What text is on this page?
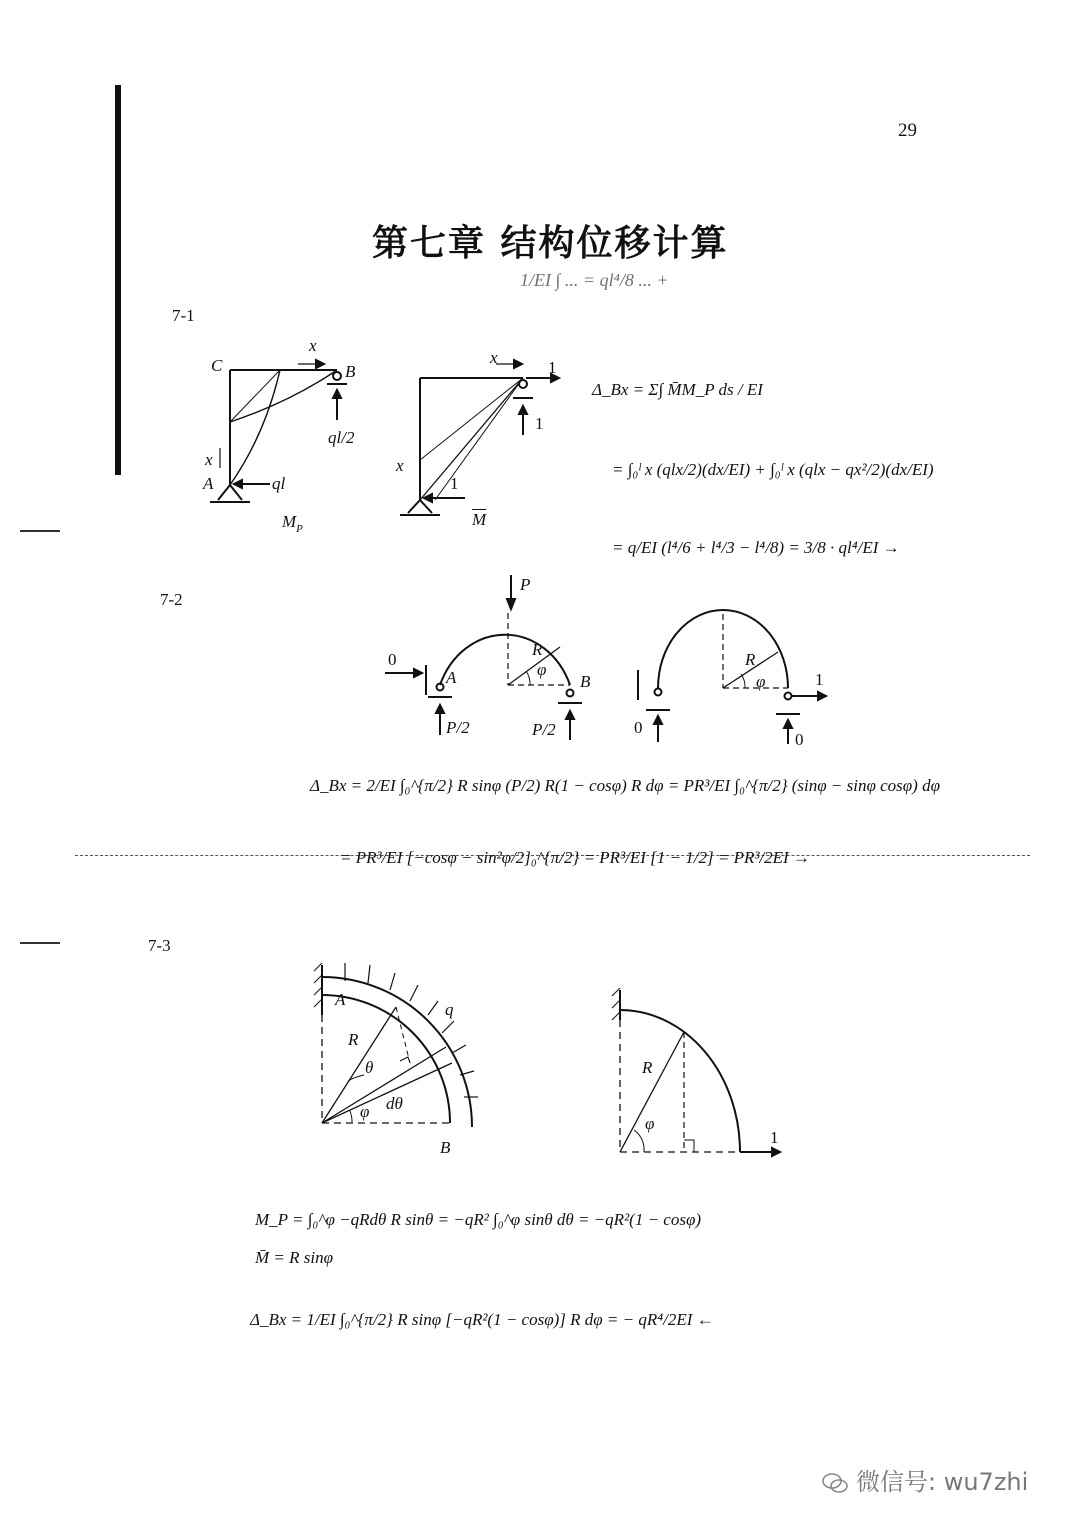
29
第七章 结构位移计算
1/EI ∫ ... = ql⁴/8 ... +
7-1
C	B
A
x
x
ql/2
ql
$M_P$
x
x
1
1
1
$\overline{M}$
Δ_Bx = Σ∫ M̄M_P ds / EI
= ∫₀ˡ x (qlx/2)(dx/EI) + ∫₀ˡ x (qlx − qx²/2)(dx/EI)
= q/EI (l⁴/6 + l⁴/3 − l⁴/8) = 3/8 · ql⁴/EI →
7-2
P
R
φ
A	B
0
P/2	P/2
R
φ	1
0
0
Δ_Bx = 2/EI ∫₀^{π/2} R sinφ (P/2) R(1 − cosφ) R dφ = PR³/EI ∫₀^{π/2} (sinφ − sinφ cosφ) dφ
= PR³/EI [−cosφ − sin²φ/2]₀^{π/2} = PR³/EI [1 − 1/2] = PR³/2EI →
7-3
A
B
q
R
θ
φ dθ
R
φ
1
M_P = ∫₀^φ −qRdθ R sinθ = −qR² ∫₀^φ sinθ dθ = −qR²(1 − cosφ)
M̄ = R sinφ
Δ_Bx = 1/EI ∫₀^{π/2} R sinφ [−qR²(1 − cosφ)] R dφ = − qR⁴/2EI ←
微信号: wu7zhi
